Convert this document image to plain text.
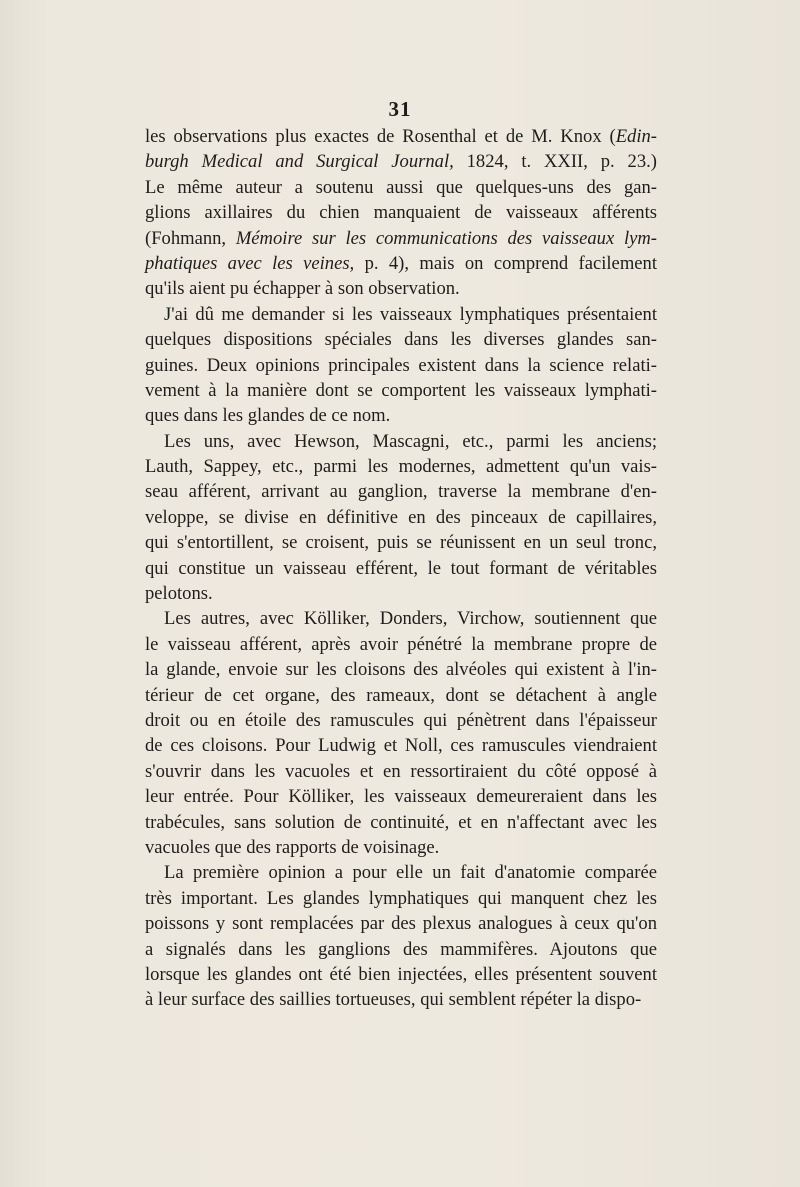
31

les observations plus exactes de Rosenthal et de M. Knox (Edin-
burgh Medical and Surgical Journal, 1824, t. XXII, p. 23.)
Le même auteur a soutenu aussi que quelques-uns des gan-
glions axillaires du chien manquaient de vaisseaux afférents
(Fohmann, Mémoire sur les communications des vaisseaux lym-
phatiques avec les veines, p. 4), mais on comprend facilement
qu'ils aient pu échapper à son observation.

J'ai dû me demander si les vaisseaux lymphatiques présentaient
quelques dispositions spéciales dans les diverses glandes san-
guines. Deux opinions principales existent dans la science relati-
vement à la manière dont se comportent les vaisseaux lymphati-
ques dans les glandes de ce nom.

Les uns, avec Hewson, Mascagni, etc., parmi les anciens;
Lauth, Sappey, etc., parmi les modernes, admettent qu'un vais-
seau afférent, arrivant au ganglion, traverse la membrane d'en-
veloppe, se divise en définitive en des pinceaux de capillaires,
qui s'entortillent, se croisent, puis se réunissent en un seul tronc,
qui constitue un vaisseau efférent, le tout formant de véritables
pelotons.

Les autres, avec Kölliker, Donders, Virchow, soutiennent que
le vaisseau afférent, après avoir pénétré la membrane propre de
la glande, envoie sur les cloisons des alvéoles qui existent à l'in-
térieur de cet organe, des rameaux, dont se détachent à angle
droit ou en étoile des ramuscules qui pénètrent dans l'épaisseur
de ces cloisons. Pour Ludwig et Noll, ces ramuscules viendraient
s'ouvrir dans les vacuoles et en ressortiraient du côté opposé à
leur entrée. Pour Kölliker, les vaisseaux demeureraient dans les
trabécules, sans solution de continuité, et en n'affectant avec les
vacuoles que des rapports de voisinage.

La première opinion a pour elle un fait d'anatomie comparée
très important. Les glandes lymphatiques qui manquent chez les
poissons y sont remplacées par des plexus analogues à ceux qu'on
a signalés dans les ganglions des mammifères. Ajoutons que
lorsque les glandes ont été bien injectées, elles présentent souvent
à leur surface des saillies tortueuses, qui semblent répéter la dispo-
